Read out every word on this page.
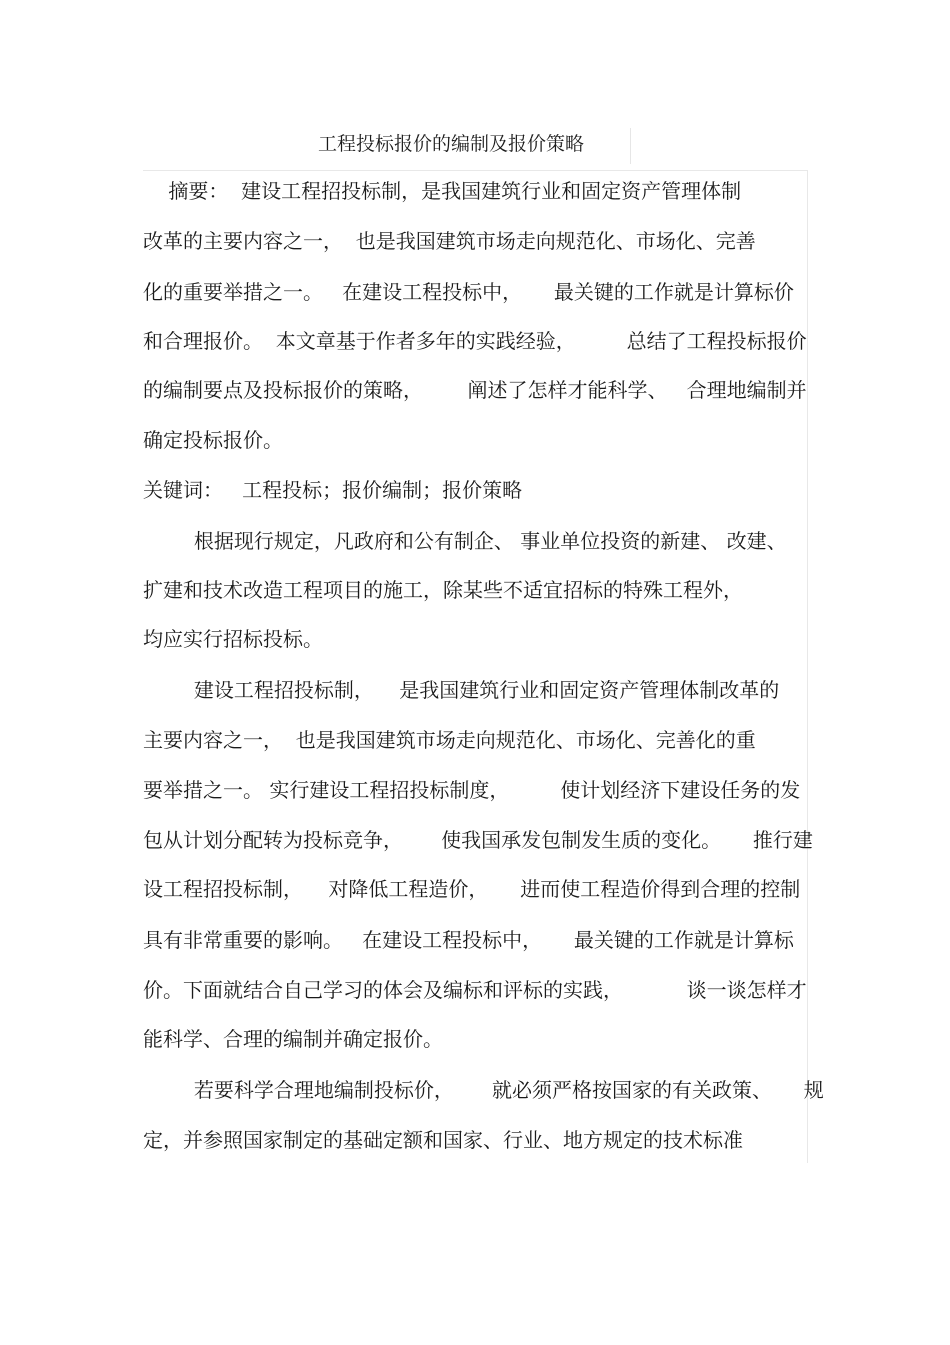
工程投标报价的编制及报价策略
摘要：  建设工程招投标制，是我国建筑行业和固定资产管理体制
改革的主要内容之一，  也是我国建筑市场走向规范化、市场化、完善
化的重要举措之一。   在建设工程投标中，     最关键的工作就是计算标价
和合理报价。  本文章基于作者多年的实践经验，        总结了工程投标报价
的编制要点及投标报价的策略，       阐述了怎样才能科学、   合理地编制并
确定投标报价。
关键词：   工程投标；报价编制；报价策略
根据现行规定，凡政府和公有制企、 事业单位投资的新建、 改建、
扩建和技术改造工程项目的施工，除某些不适宜招标的特殊工程外，
均应实行招标投标。
建设工程招投标制，    是我国建筑行业和固定资产管理体制改革的
主要内容之一，  也是我国建筑市场走向规范化、市场化、完善化的重
要举措之一。 实行建设工程招投标制度，        使计划经济下建设任务的发
包从计划分配转为投标竞争，      使我国承发包制发生质的变化。     推行建
设工程招投标制，    对降低工程造价，     进而使工程造价得到合理的控制
具有非常重要的影响。   在建设工程投标中，     最关键的工作就是计算标
价。下面就结合自己学习的体会及编标和评标的实践，          谈一谈怎样才
能科学、合理的编制并确定报价。
若要科学合理地编制投标价，      就必须严格按国家的有关政策、     规
定，并参照国家制定的基础定额和国家、行业、地方规定的技术标准
